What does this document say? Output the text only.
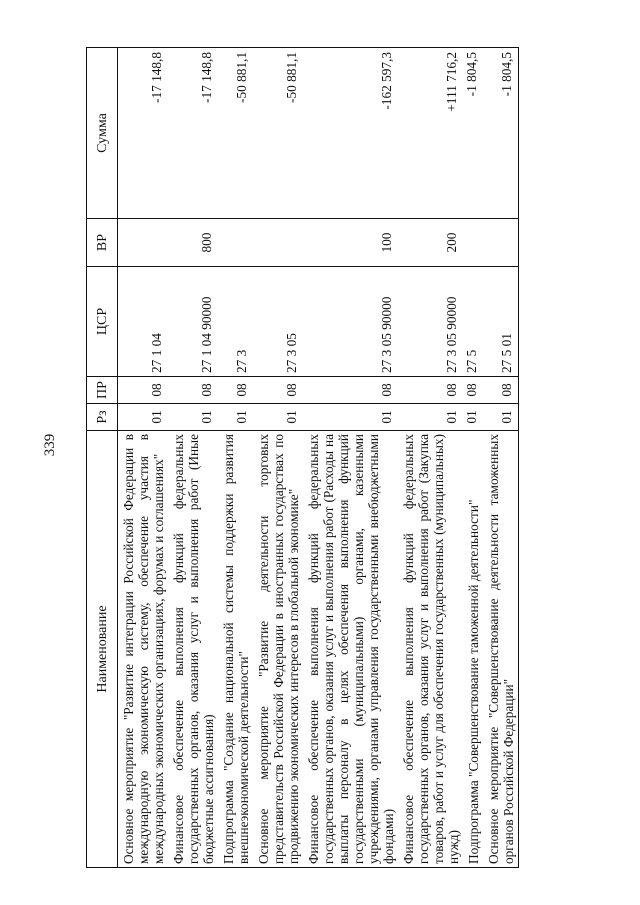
339
Наименование	Рз	ПР	ЦСР	ВР	Сумма
Основное мероприятие "Развитие интеграции Российской Федерации в международную экономическую систему, обеспечение участия в международных экономических организациях, форумах и соглашениях"	01	08	27 1 04		-17 148,8
Финансовое обеспечение выполнения функций федеральных государственных органов, оказания услуг и выполнения работ (Иные бюджетные ассигнования)	01	08	27 1 04 90000	800	-17 148,8
Подпрограмма "Создание национальной системы поддержки развития внешнеэкономической деятельности"	01	08	27 3		-50 881,1
Основное мероприятие "Развитие деятельности торговых представительств Российской Федерации в иностранных государствах по продвижению экономических интересов в глобальной экономике"	01	08	27 3 05		-50 881,1
Финансовое обеспечение выполнения функций федеральных государственных органов, оказания услуг и выполнения работ (Расходы на выплаты персоналу в целях обеспечения выполнения функций государственными (муниципальными) органами, казенными учреждениями, органами управления государственными внебюджетными фондами)	01	08	27 3 05 90000	100	-162 597,3
Финансовое обеспечение выполнения функций федеральных государственных органов, оказания услуг и выполнения работ (Закупка товаров, работ и услуг для обеспечения государственных (муниципальных) нужд)	01	08	27 3 05 90000	200	+111 716,2
Подпрограмма "Совершенствование таможенной деятельности"	01	08	27 5		-1 804,5
Основное мероприятие "Совершенствование деятельности таможенных органов Российской Федерации"	01	08	27 5 01		-1 804,5
